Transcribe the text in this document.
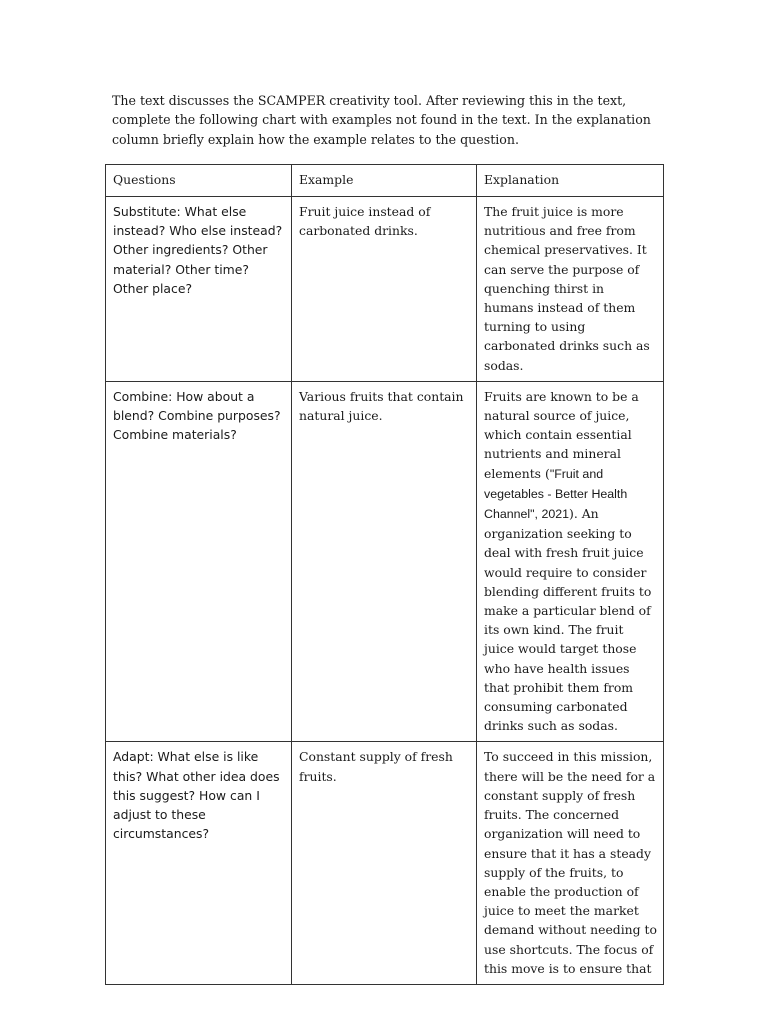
The text discusses the SCAMPER creativity tool. After reviewing this in the text, complete the following chart with examples not found in the text. In the explanation column briefly explain how the example relates to the question.

Questions	Example	Explanation
Substitute: What else instead? Who else instead? Other ingredients? Other material? Other time? Other place?	Fruit juice instead of carbonated drinks.	The fruit juice is more nutritious and free from chemical preservatives. It can serve the purpose of quenching thirst in humans instead of them turning to using carbonated drinks such as sodas.
Combine: How about a blend? Combine purposes? Combine materials?	Various fruits that contain natural juice.	Fruits are known to be a natural source of juice, which contain essential nutrients and mineral elements ("Fruit and vegetables - Better Health Channel", 2021). An organization seeking to deal with fresh fruit juice would require to consider blending different fruits to make a particular blend of its own kind. The fruit juice would target those who have health issues that prohibit them from consuming carbonated drinks such as sodas.
Adapt: What else is like this? What other idea does this suggest? How can I adjust to these circumstances?	Constant supply of fresh fruits.	To succeed in this mission, there will be the need for a constant supply of fresh fruits. The concerned organization will need to ensure that it has a steady supply of the fruits, to enable the production of juice to meet the market demand without needing to use shortcuts. The focus of this move is to ensure that
